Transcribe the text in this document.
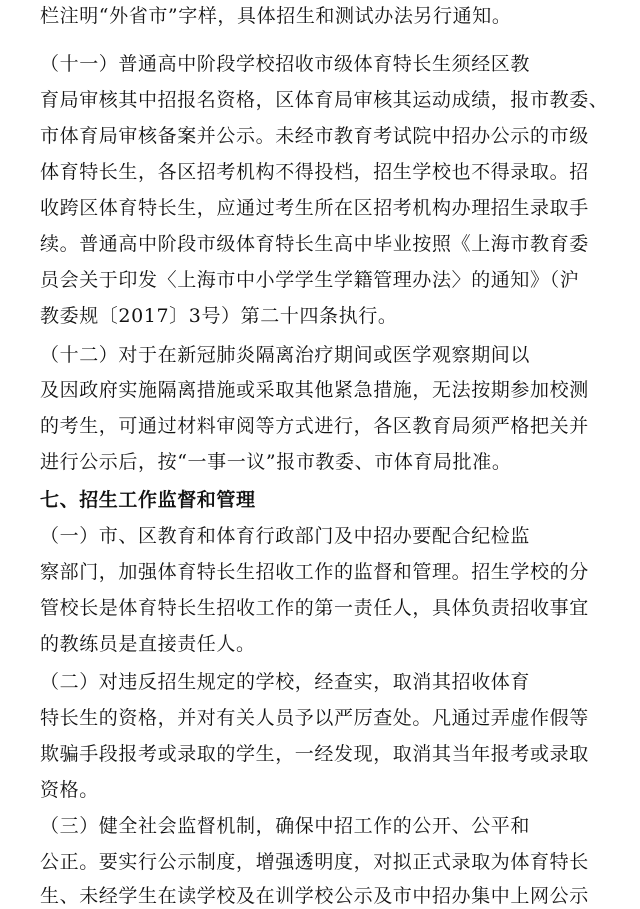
栏注明“外省市”字样，具体招生和测试办法另行通知。
（十一）普通高中阶段学校招收市级体育特长生须经区教
育局审核其中招报名资格，区体育局审核其运动成绩，报市教委、
市体育局审核备案并公示。未经市教育考试院中招办公示的市级
体育特长生，各区招考机构不得投档，招生学校也不得录取。招
收跨区体育特长生，应通过考生所在区招考机构办理招生录取手
续。普通高中阶段市级体育特长生高中毕业按照《上海市教育委
员会关于印发〈上海市中小学学生学籍管理办法〉的通知》（沪
教委规〔2017〕3号）第二十四条执行。
（十二）对于在新冠肺炎隔离治疗期间或医学观察期间以
及因政府实施隔离措施或采取其他紧急措施，无法按期参加校测
的考生，可通过材料审阅等方式进行，各区教育局须严格把关并
进行公示后，按“一事一议”报市教委、市体育局批准。
七、招生工作监督和管理
（一）市、区教育和体育行政部门及中招办要配合纪检监
察部门，加强体育特长生招收工作的监督和管理。招生学校的分
管校长是体育特长生招收工作的第一责任人，具体负责招收事宜
的教练员是直接责任人。
（二）对违反招生规定的学校，经查实，取消其招收体育
特长生的资格，并对有关人员予以严厉查处。凡通过弄虚作假等
欺骗手段报考或录取的学生，一经发现，取消其当年报考或录取
资格。
（三）健全社会监督机制，确保中招工作的公开、公平和
公正。要实行公示制度，增强透明度，对拟正式录取为体育特长
生、未经学生在读学校及在训学校公示及市中招办集中上网公示
